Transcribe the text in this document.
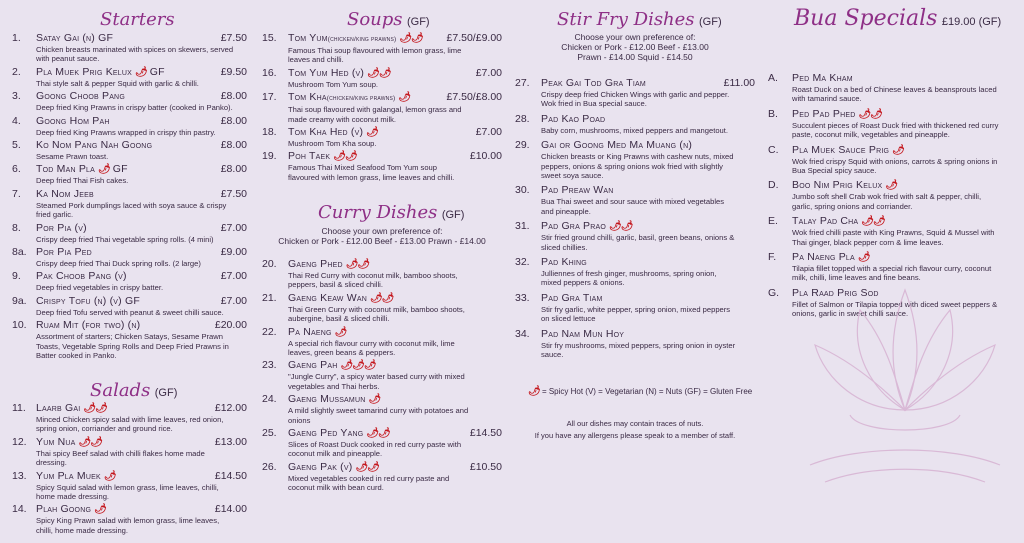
Starters
1.	Satay Gai (n) GF	£7.50
Chicken breasts marinated with spices on skewers, served with peanut sauce.
2.	Pla Muek Prig Kelux 🌶 GF	£9.50
Thai style salt & pepper Squid with garlic & chilli.
3.	Goong Choob Pang	£8.00
Deep fried King Prawns in crispy batter (cooked in Panko).
4.	Goong Hom Pah	£8.00
Deep fried King Prawns wrapped in crispy thin pastry.
5.	Ko Nom Pang Nah Goong	£8.00
Sesame Prawn toast.
6.	Tod Man Pla 🌶 GF	£8.00
Deep fried Thai Fish cakes.
7.	Ka Nom Jeeb	£7.50
Steamed Pork dumplings laced with soya sauce & crispy fried garlic.
8.	Por Pia (v)	£7.00
Crispy deep fried Thai vegetable spring rolls. (4 mini)
8a. Por Pia Ped	£9.00
Crispy deep fried Thai Duck spring rolls. (2 large)
9.	Pak Choob Pang (v)	£7.00
Deep fried vegetables in crispy batter.
9a. Crispy Tofu (n) (v) GF	£7.00
Deep fried Tofu served with peanut & sweet chilli sauce.
10. Ruam Mit (for two) (n)	£20.00
Assortment of starters; Chicken Satays, Sesame Prawn Toasts, Vegetable Spring Rolls and Deep Fried Prawns in Batter cooked in Panko.
Salads (GF)
11. Laarb Gai 🌶🌶	£12.00
Minced Chicken spicy salad with lime leaves, red onion, spring onion, corriander and ground rice.
12. Yum Nua 🌶🌶	£13.00
Thai spicy Beef salad with chilli flakes home made dressing.
13. Yum Pla Muek 🌶	£14.50
Spicy Squid salad with lemon grass, lime leaves, chilli, home made dressing.
14. Plah Goong 🌶	£14.00
Spicy King Prawn salad with lemon grass, lime leaves, chilli, home made dressing.
Soups (GF)
15.	Tom Yum(chicken/king prawns) 🌶🌶	£7.50/£9.00
Famous Thai soup flavoured with lemon grass, lime leaves and chilli.
16.	Tom Yum Hed (v) 🌶🌶	£7.00
Mushroom Tom Yum soup.
17.	Tom Kha(chicken/king prawns) 🌶	£7.50/£8.00
Thai soup flavoured with galangal, lemon grass and made creamy with coconut milk.
18.	Tom Kha Hed (v) 🌶	£7.00
Mushroom Tom Kha soup.
19.	Poh Taek 🌶🌶	£10.00
Famous Thai Mixed Seafood Tom Yum soup flavoured with lemon grass, lime leaves and chilli.
Curry Dishes (GF)
Choose your own preference of:
Chicken or Pork - £12.00 Beef - £13.00 Prawn - £14.00
20.	Gaeng Phed 🌶🌶
Thai Red Curry with coconut milk, bamboo shoots, peppers, basil & sliced chilli.
21.	Gaeng Keaw Wan 🌶🌶
Thai Green Curry with coconut milk, bamboo shoots, aubergine, basil & sliced chilli.
22.	Pa Naeng 🌶
A special rich flavour curry with coconut milk, lime leaves, green beans & peppers.
23.	Gaeng Pah 🌶🌶🌶
"Jungle Curry", a spicy water based curry with mixed vegetables and Thai herbs.
24.	Gaeng Mussamun 🌶
A mild slightly sweet tamarind curry with potatoes and onions
25.	Gaeng Ped Yang 🌶🌶	£14.50
Slices of Roast Duck cooked in red curry paste with coconut milk and pineapple.
26.	Gaeng Pak (v) 🌶🌶	£10.50
Mixed vegetables cooked in red curry paste and coconut milk with bean curd.
Stir Fry Dishes (GF)
Choose your own preference of:
Chicken or Pork - £12.00 Beef - £13.00
Prawn - £14.00 Squid - £14.50
27.	Peak Gai Tod Gra Tiam	£11.00
Crispy deep fried Chicken Wings with garlic and pepper. Wok fried in Bua special sauce.
28.	Pad Kao Poad
Baby corn, mushrooms, mixed peppers and mangetout.
29.	Gai or Goong Med Ma Muang (n)
Chicken breasts or King Prawns with cashew nuts, mixed peppers, onions & spring onions wok fried with slightly sweet soya sauce.
30.	Pad Preaw Wan
Bua Thai sweet and sour sauce with mixed vegetables and pineapple.
31.	Pad Gra Prao 🌶🌶
Stir fried ground chilli, garlic, basil, green beans, onions & sliced chillies.
32.	Pad Khing
Julliennes of fresh ginger, mushrooms, spring onion, mixed peppers & onions.
33.	Pad Gra Tiam
Stir fry garlic, white pepper, spring onion, mixed peppers on sliced lettuce
34.	Pad Nam Mun Hoy
Stir fry mushrooms, mixed peppers, spring onion in oyster sauce.
🌶 = Spicy Hot (V) = Vegetarian (N) = Nuts (GF) = Gluten Free
All our dishes may contain traces of nuts.
If you have any allergens please speak to a member of staff.
Bua Specials £19.00 (GF)
A.	Ped Ma Kham
Roast Duck on a bed of Chinese leaves & beansprouts laced with tamarind sauce.
B.	Ped Pad Phed 🌶🌶
Succulent pieces of Roast Duck fried with thickened red curry paste, coconut milk, vegetables and pineapple.
C.	Pla Muek Sauce Prig 🌶
Wok fried crispy Squid with onions, carrots & spring onions in Bua Special spicy sauce.
D.	Boo Nim Prig Kelux 🌶
Jumbo soft shell Crab wok fried with salt & pepper, chilli, garlic, spring onions and corriander.
E.	Talay Pad Cha 🌶🌶
Wok fried chilli paste with King Prawns, Squid & Mussel with Thai ginger, black pepper corn & lime leaves.
F.	Pa Naeng Pla 🌶
Tilapia fillet topped with a special rich flavour curry, coconut milk, chilli, lime leaves and fine beans.
G.	Pla Raad Prig Sod
Fillet of Salmon or Tilapia topped with diced sweet peppers & onions, garlic in sweet chilli sauce.
